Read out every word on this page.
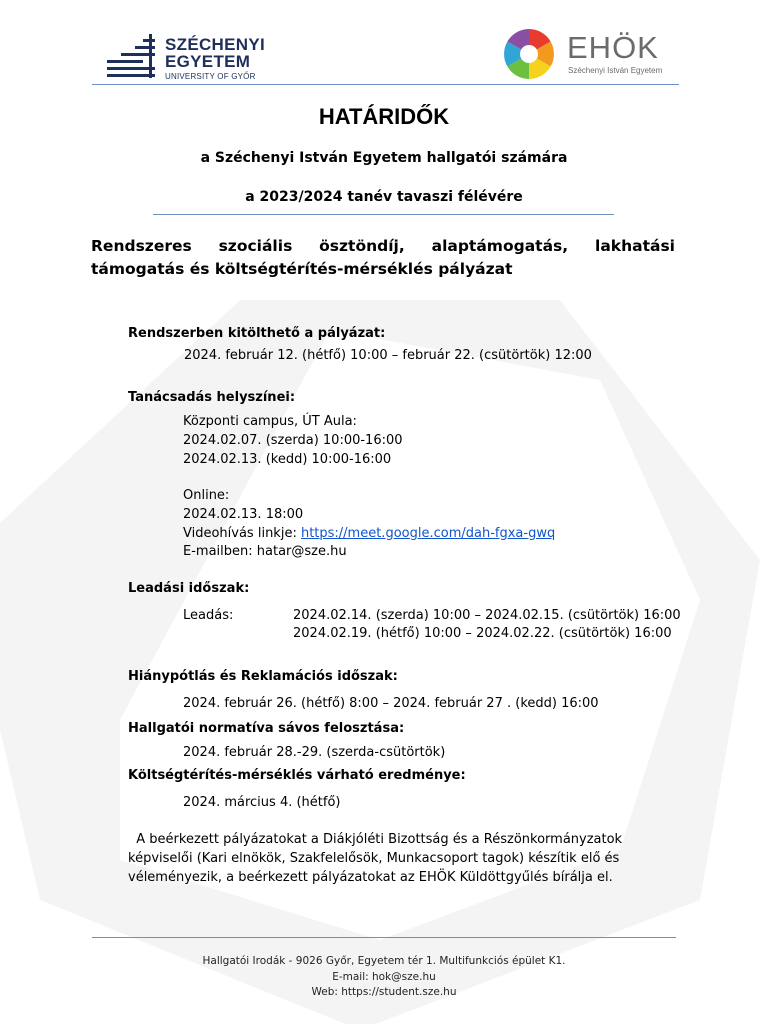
SZÉCHENYI
EGYETEM
UNIVERSITY OF GYŐR
EHÖK
Széchenyi István Egyetem
HATÁRIDŐK
a Széchenyi István Egyetem hallgatói számára
a 2023/2024 tanév tavaszi félévére
Rendszeres szociális ösztöndíj, alaptámogatás, lakhatási támogatás és költségtérítés-mérséklés pályázat
Rendszerben kitölthető a pályázat:
2024. február 12. (hétfő) 10:00 – február 22. (csütörtök) 12:00
Tanácsadás helyszínei:
Központi campus, ÚT Aula:
2024.02.07. (szerda) 10:00-16:00
2024.02.13. (kedd) 10:00-16:00
Online:
2024.02.13. 18:00
Videohívás linkje: https://meet.google.com/dah-fgxa-gwq
E-mailben: hatar@sze.hu
Leadási időszak:
Leadás:	2024.02.14. (szerda) 10:00 – 2024.02.15. (csütörtök) 16:00
2024.02.19. (hétfő) 10:00 – 2024.02.22. (csütörtök) 16:00
Hiánypótlás és Reklamációs időszak:
2024. február 26. (hétfő) 8:00 – 2024. február 27 . (kedd) 16:00
Hallgatói normatíva sávos felosztása:
2024. február 28.-29. (szerda-csütörtök)
Költségtérítés-mérséklés várható eredménye:
2024. március 4. (hétfő)
A beérkezett pályázatokat a Diákjóléti Bizottság és a Részönkormányzatok képviselői (Kari elnökök, Szakfelelősök, Munkacsoport tagok) készítik elő és véleményezik, a beérkezett pályázatokat az EHÖK Küldöttgyűlés bírálja el.
Hallgatói Irodák - 9026 Győr, Egyetem tér 1. Multifunkciós épület K1.
E-mail: hok@sze.hu
Web: https://student.sze.hu
